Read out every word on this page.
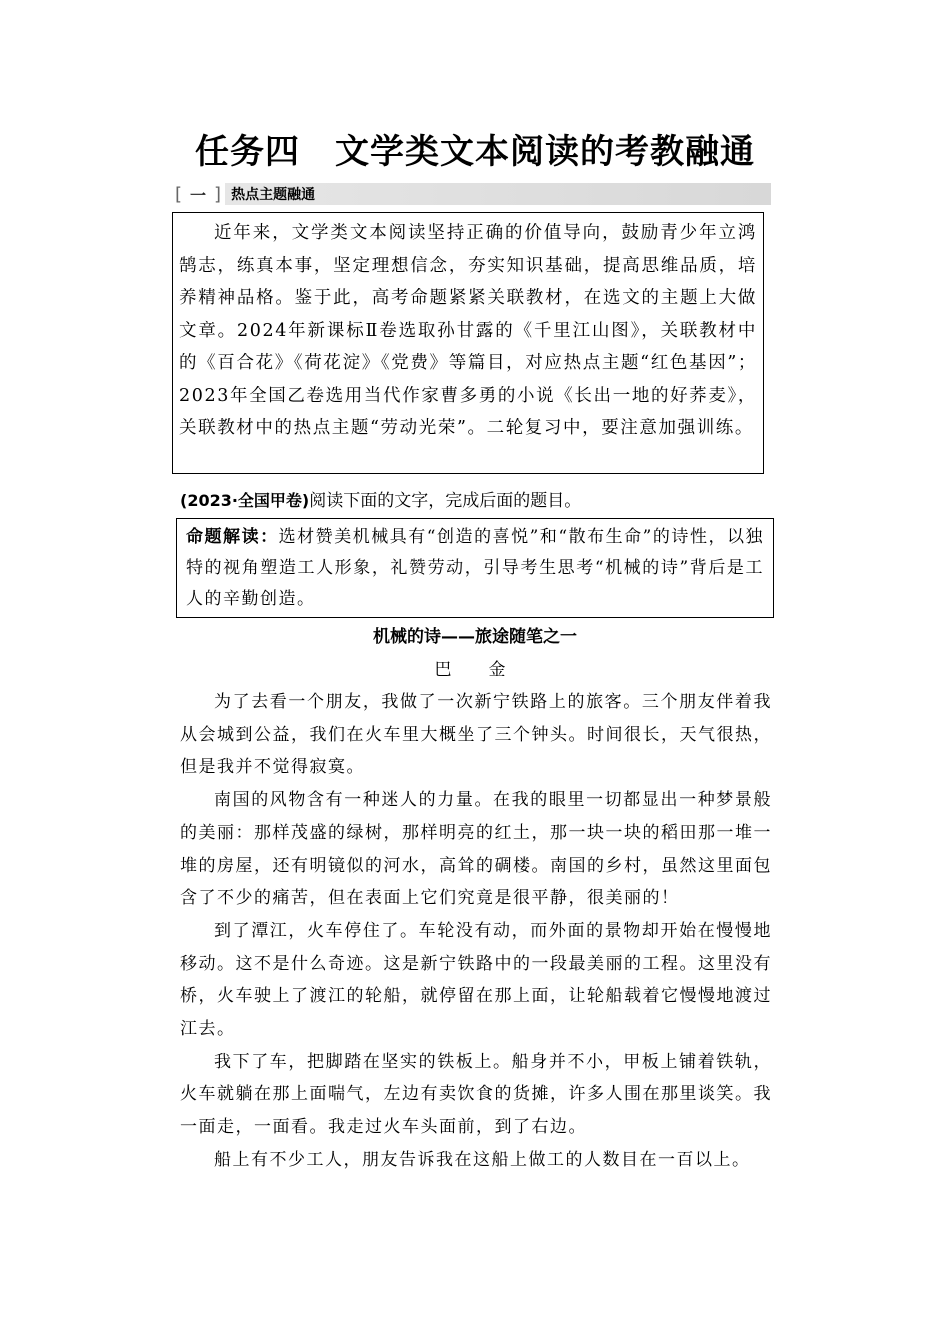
任务四　文学类文本阅读的考教融通
[ 一 ] 热点主题融通
近年来，文学类文本阅读坚持正确的价值导向，鼓励青少年立鸿鹄志，练真本事，坚定理想信念，夯实知识基础，提高思维品质，培养精神品格。鉴于此，高考命题紧紧关联教材，在选文的主题上大做文章。2024年新课标Ⅱ卷选取孙甘露的《千里江山图》，关联教材中的《百合花》《荷花淀》《党费》等篇目，对应热点主题“红色基因”；2023年全国乙卷选用当代作家曹多勇的小说《长出一地的好荞麦》，关联教材中的热点主题“劳动光荣”。二轮复习中，要注意加强训练。
(2023·全国甲卷)阅读下面的文字，完成后面的题目。
命题解读：选材赞美机械具有“创造的喜悦”和“散布生命”的诗性，以独特的视角塑造工人形象，礼赞劳动，引导考生思考“机械的诗”背后是工人的辛勤创造。
机械的诗——旅途随笔之一
巴　金

为了去看一个朋友，我做了一次新宁铁路上的旅客。三个朋友伴着我从会城到公益，我们在火车里大概坐了三个钟头。时间很长，天气很热，但是我并不觉得寂寞。

南国的风物含有一种迷人的力量。在我的眼里一切都显出一种梦景般的美丽：那样茂盛的绿树，那样明亮的红土，那一块一块的稻田那一堆一堆的房屋，还有明镜似的河水，高耸的碉楼。南国的乡村，虽然这里面包含了不少的痛苦，但在表面上它们究竟是很平静，很美丽的！

到了潭江，火车停住了。车轮没有动，而外面的景物却开始在慢慢地移动。这不是什么奇迹。这是新宁铁路中的一段最美丽的工程。这里没有桥，火车驶上了渡江的轮船，就停留在那上面，让轮船载着它慢慢地渡过江去。

我下了车，把脚踏在坚实的铁板上。船身并不小，甲板上铺着铁轨，火车就躺在那上面喘气，左边有卖饮食的货摊，许多人围在那里谈笑。我一面走，一面看。我走过火车头面前，到了右边。

船上有不少工人，朋友告诉我在这船上做工的人数目在一百以上。
